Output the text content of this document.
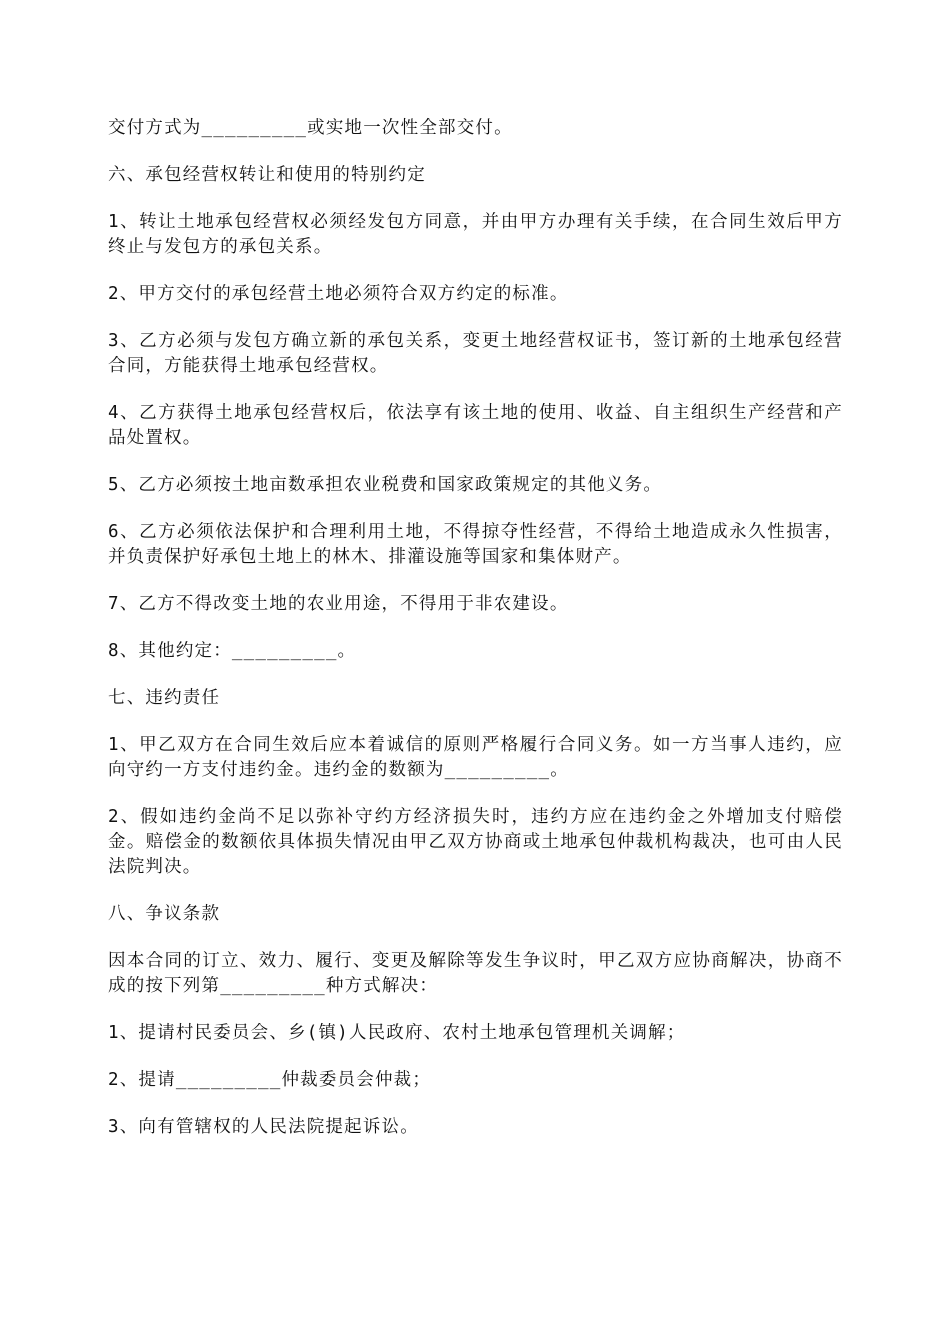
交付方式为_________或实地一次性全部交付。

六、承包经营权转让和使用的特别约定

1、转让土地承包经营权必须经发包方同意，并由甲方办理有关手续，在合同生效后甲方终止与发包方的承包关系。

2、甲方交付的承包经营土地必须符合双方约定的标准。

3、乙方必须与发包方确立新的承包关系，变更土地经营权证书，签订新的土地承包经营合同，方能获得土地承包经营权。

4、乙方获得土地承包经营权后，依法享有该土地的使用、收益、自主组织生产经营和产品处置权。

5、乙方必须按土地亩数承担农业税费和国家政策规定的其他义务。

6、乙方必须依法保护和合理利用土地，不得掠夺性经营，不得给土地造成永久性损害，并负责保护好承包土地上的林木、排灌设施等国家和集体财产。

7、乙方不得改变土地的农业用途，不得用于非农建设。

8、其他约定：_________。

七、违约责任

1、甲乙双方在合同生效后应本着诚信的原则严格履行合同义务。如一方当事人违约，应向守约一方支付违约金。违约金的数额为_________。

2、假如违约金尚不足以弥补守约方经济损失时，违约方应在违约金之外增加支付赔偿金。赔偿金的数额依具体损失情况由甲乙双方协商或土地承包仲裁机构裁决，也可由人民法院判决。

八、争议条款

因本合同的订立、效力、履行、变更及解除等发生争议时，甲乙双方应协商解决，协商不成的按下列第_________种方式解决：

1、提请村民委员会、乡(镇)人民政府、农村土地承包管理机关调解；

2、提请_________仲裁委员会仲裁；

3、向有管辖权的人民法院提起诉讼。
